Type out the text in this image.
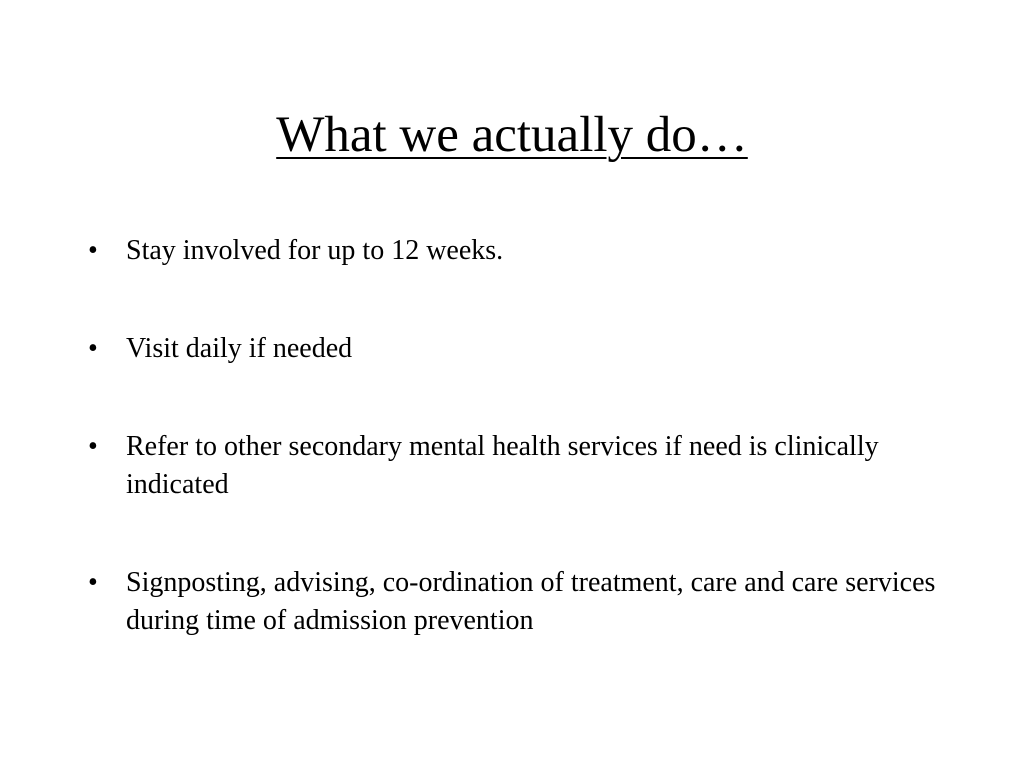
What we actually do…
•	Stay involved for up to 12 weeks.
•	Visit daily if needed
•	Refer to other secondary mental health services if need is clinically indicated
•	Signposting, advising, co-ordination of treatment, care and care services during time of admission prevention
